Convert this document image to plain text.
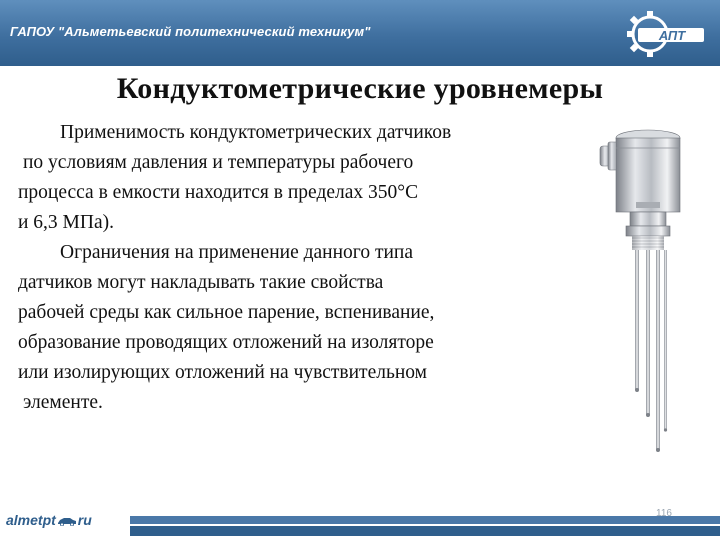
ГАПОУ "Альметьевский политехнический техникум"	АПТ
Кондуктометрические уровнемеры
Применимость кондуктометрических датчиков
по условиям давления и температуры рабочего
процесса в емкости находится в пределах 350°С
и 6,3 МПа).
Ограничения на применение данного типа
датчиков могут накладывать такие свойства
рабочей среды как сильное парение, вспенивание,
образование проводящих отложений на изоляторе
или изолирующих отложений на чувствительном
элементе.
almetpt ru	116
